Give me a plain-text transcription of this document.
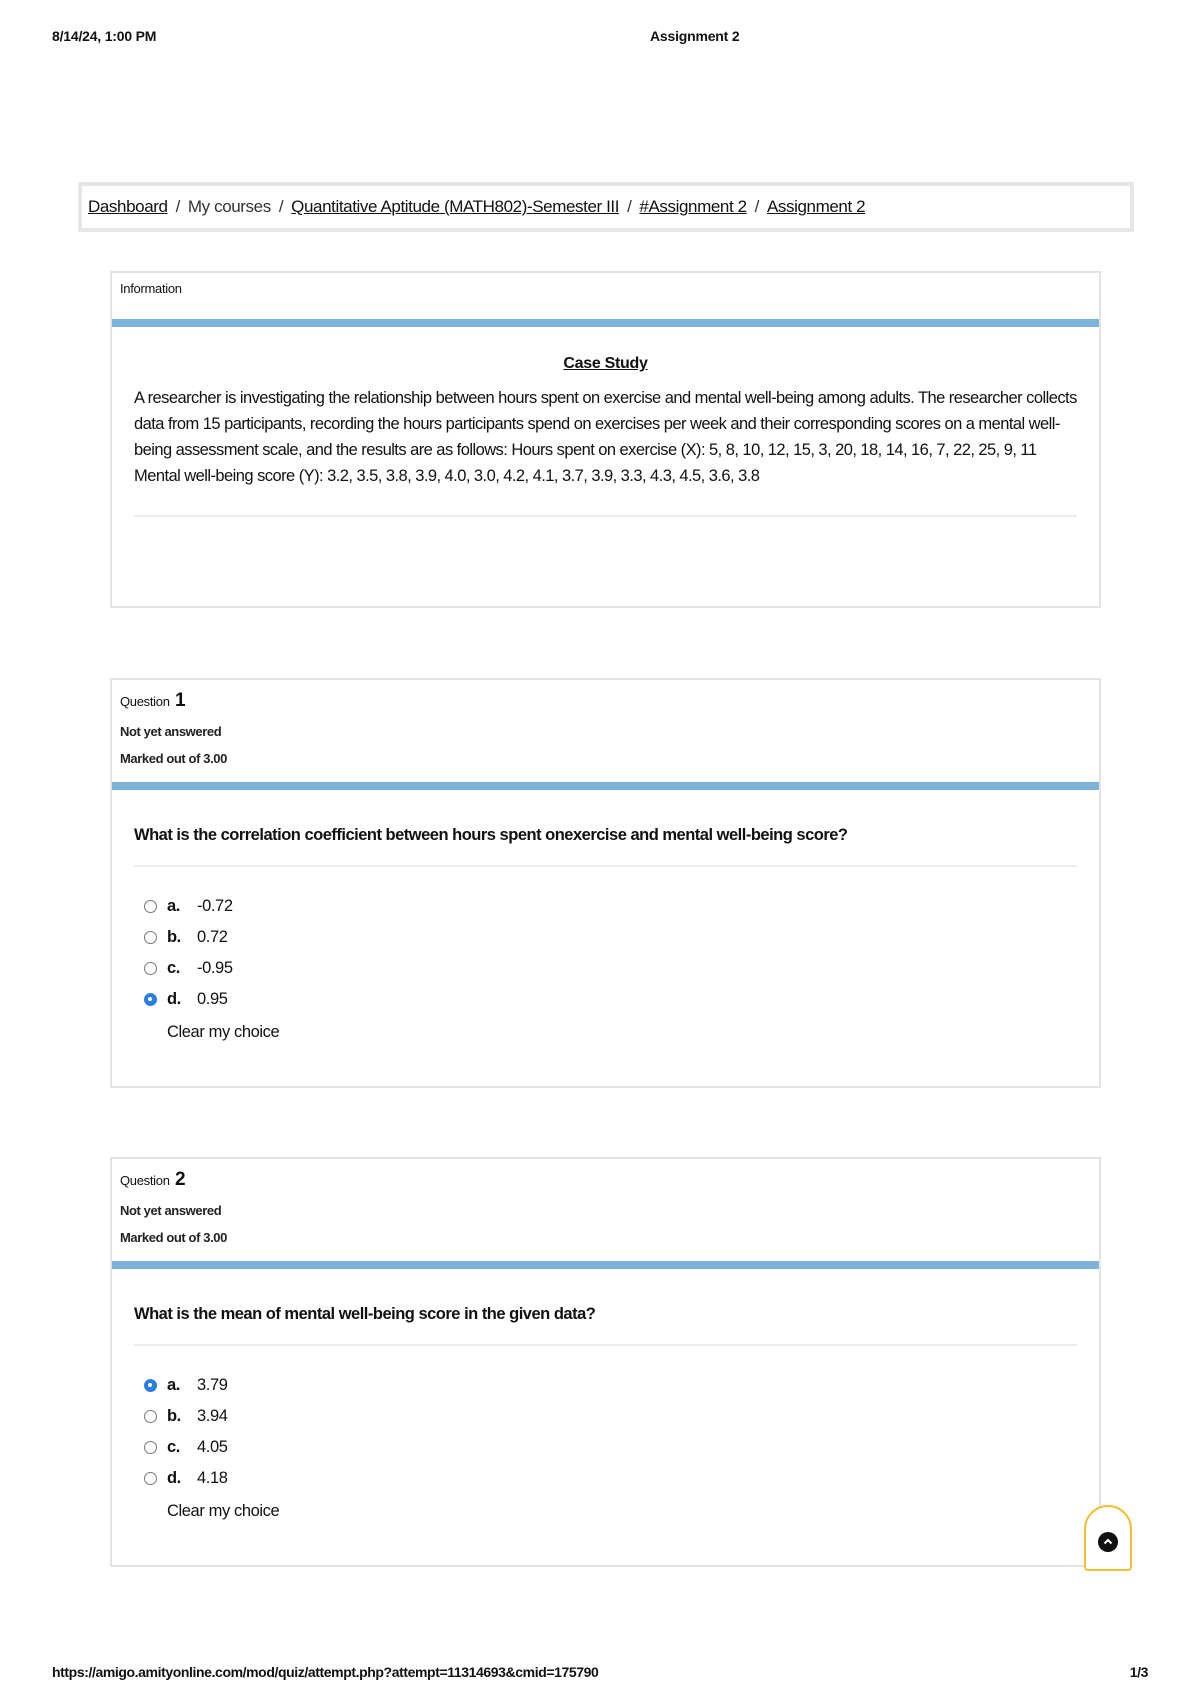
8/14/24, 1:00 PM	Assignment 2
Dashboard / My courses / Quantitative Aptitude (MATH802)-Semester III / #Assignment 2 / Assignment 2
Information
Case Study
A researcher is investigating the relationship between hours spent on exercise and mental well-being among adults. The researcher collects data from 15 participants, recording the hours participants spend on exercises per week and their corresponding scores on a mental well-being assessment scale, and the results are as follows: Hours spent on exercise (X): 5, 8, 10, 12, 15, 3, 20, 18, 14, 16, 7, 22, 25, 9, 11 Mental well-being score (Y): 3.2, 3.5, 3.8, 3.9, 4.0, 3.0, 4.2, 4.1, 3.7, 3.9, 3.3, 4.3, 4.5, 3.6, 3.8
Question 1
Not yet answered
Marked out of 3.00
What is the correlation coefficient between hours spent onexercise and mental well-being score?
a.	-0.72
b. 0.72
c.	-0.95
d. 0.95
Clear my choice
Question 2
Not yet answered
Marked out of 3.00
What is the mean of mental well-being score in the given data?
a.	3.79
b. 3.94
c.	4.05
d. 4.18
Clear my choice
https://amigo.amityonline.com/mod/quiz/attempt.php?attempt=11314693&cmid=175790	1/3
